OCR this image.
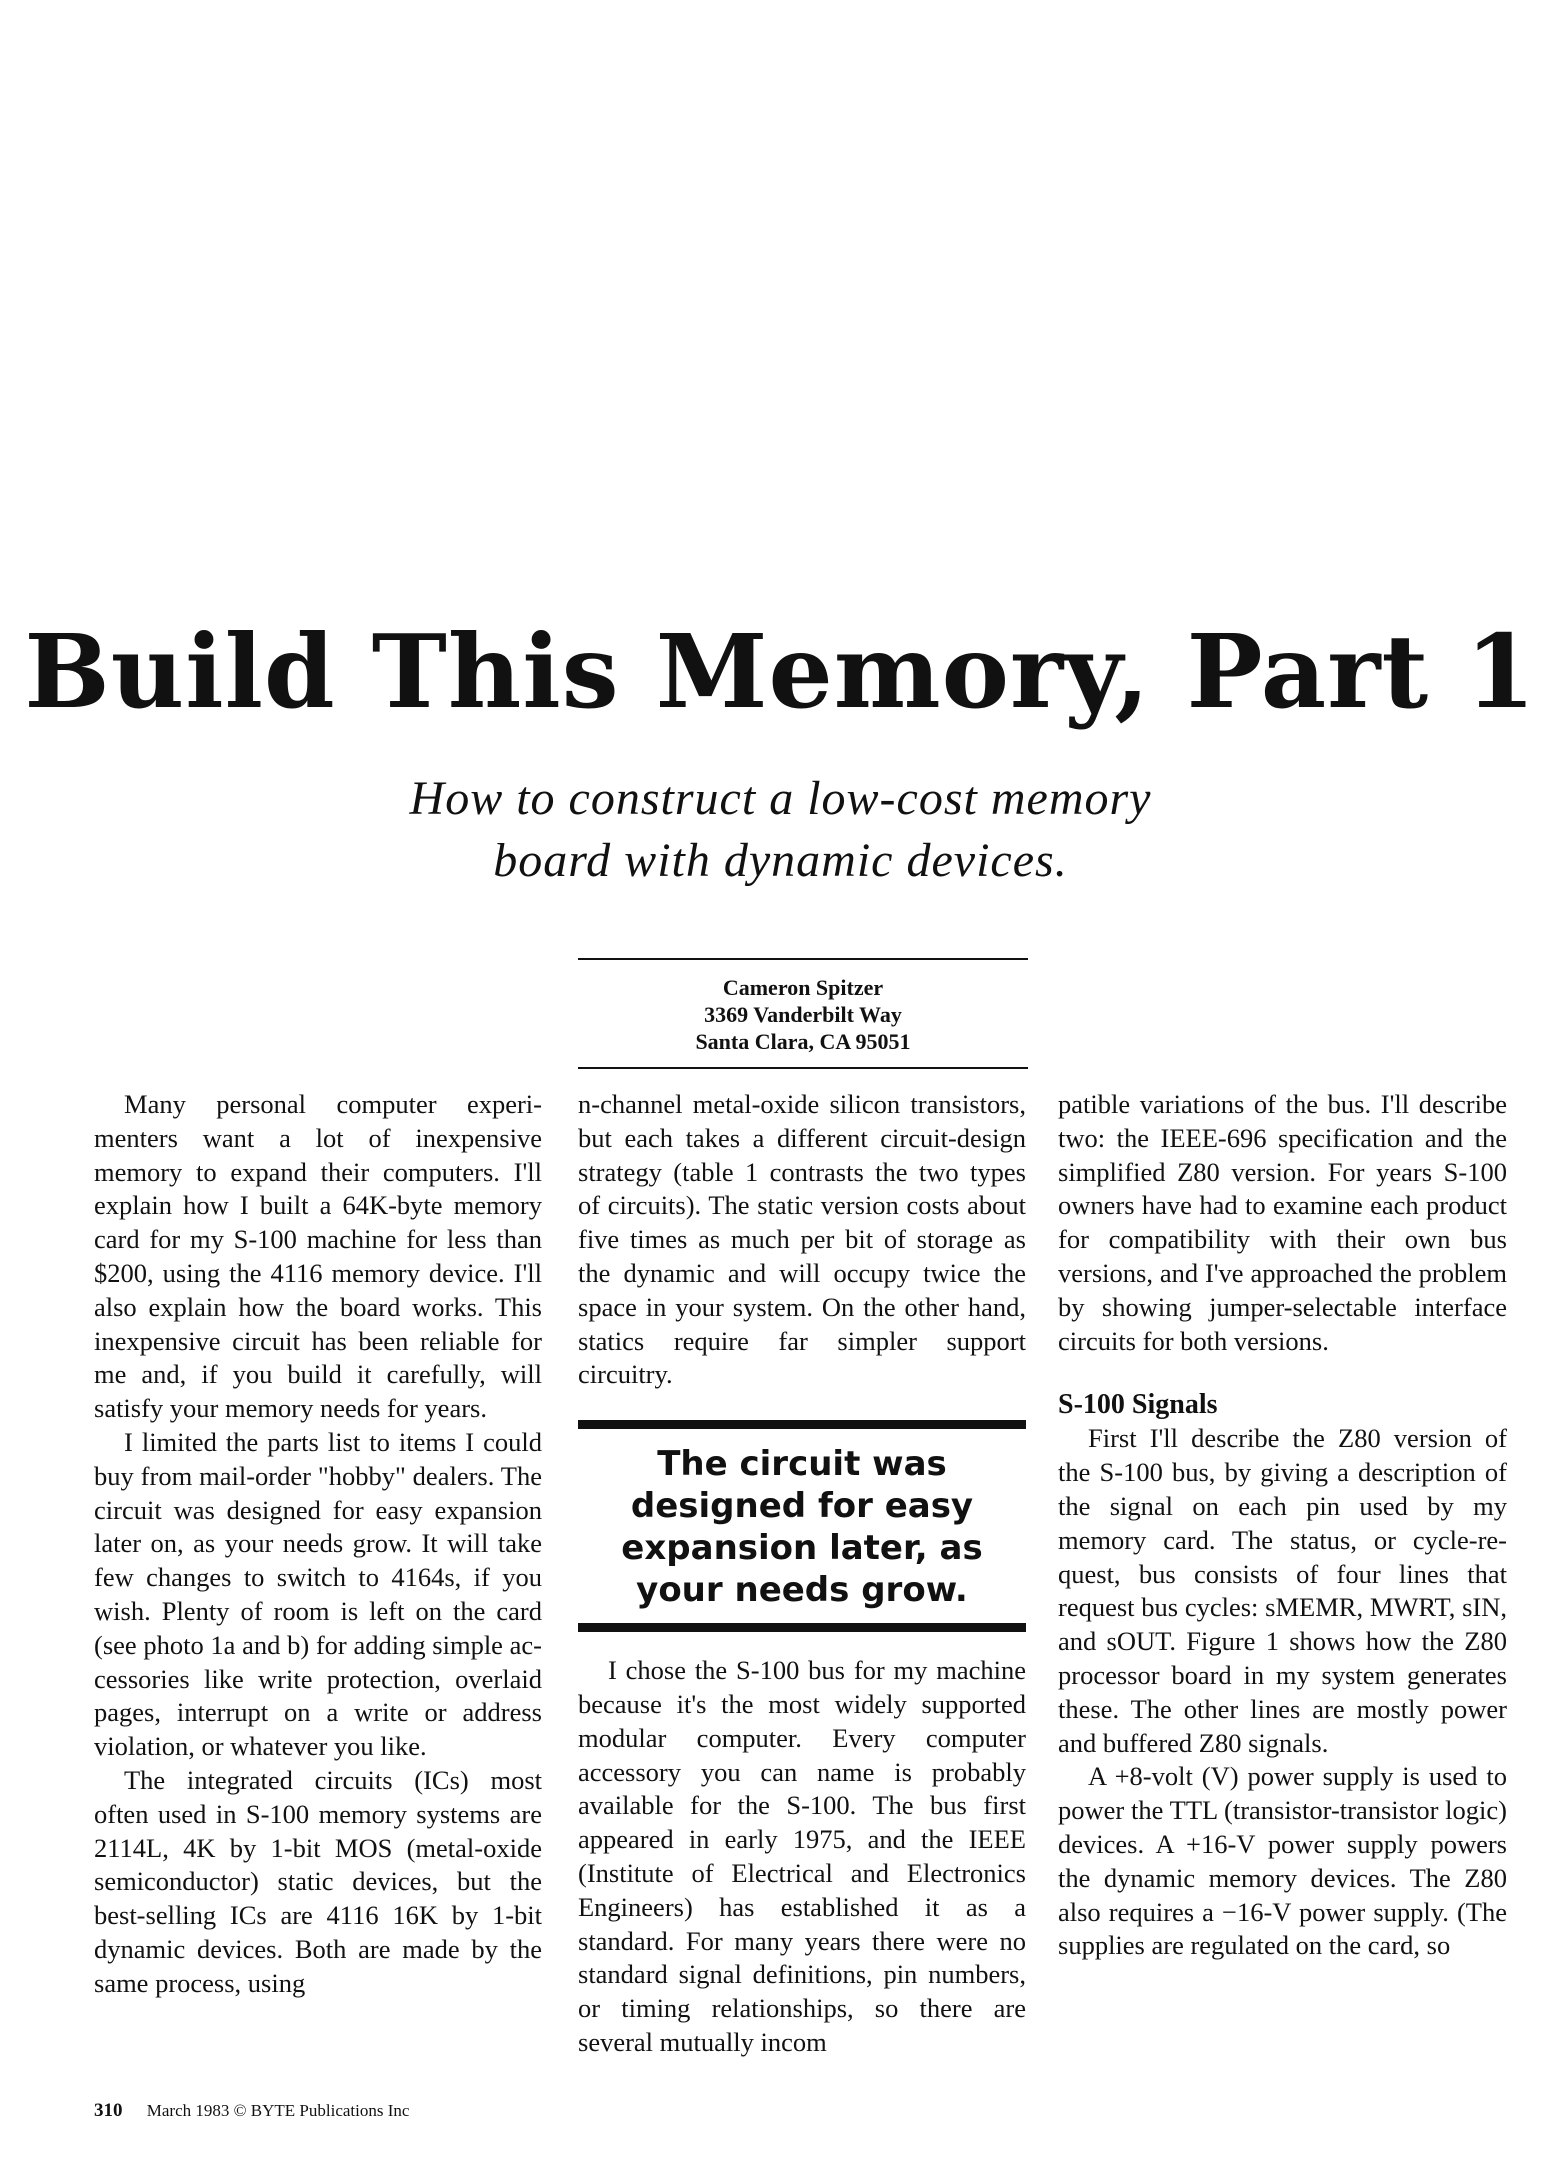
Build This Memory, Part 1
How to construct a low-cost memory
board with dynamic devices.
Cameron Spitzer
3369 Vanderbilt Way
Santa Clara, CA 95051

Many personal computer experimenters want a lot of inexpensive memory to expand their computers. I'll explain how I built a 64K-byte memory card for my S-100 machine for less than $200, using the 4116 memory device. I'll also explain how the board works. This inexpensive circuit has been reliable for me and, if you build it carefully, will satisfy your memory needs for years.

I limited the parts list to items I could buy from mail-order "hobby" dealers. The circuit was designed for easy expansion later on, as your needs grow. It will take few changes to switch to 4164s, if you wish. Plenty of room is left on the card (see photo 1a and b) for adding simple accessories like write protection, overlaid pages, interrupt on a write or address violation, or whatever you like.

The integrated circuits (ICs) most often used in S-100 memory systems are 2114L, 4K by 1-bit MOS (metal-oxide semiconductor) static devices, but the best-selling ICs are 4116 16K by 1-bit dynamic devices. Both are made by the same process, using

n-channel metal-oxide silicon transistors, but each takes a different circuit-design strategy (table 1 contrasts the two types of circuits). The static version costs about five times as much per bit of storage as the dynamic and will occupy twice the space in your system. On the other hand, statics require far simpler support circuitry.

The circuit was designed for easy expansion later, as your needs grow.

I chose the S-100 bus for my machine because it's the most widely supported modular computer. Every computer accessory you can name is probably available for the S-100. The bus first appeared in early 1975, and the IEEE (Institute of Electrical and Electronics Engineers) has established it as a standard. For many years there were no standard signal definitions, pin numbers, or timing relationships, so there are several mutually incom

patible variations of the bus. I'll describe two: the IEEE-696 specification and the simplified Z80 version. For years S-100 owners have had to examine each product for compatibility with their own bus versions, and I've approached the problem by showing jumper-selectable interface circuits for both versions.

S-100 Signals

First I'll describe the Z80 version of the S-100 bus, by giving a description of the signal on each pin used by my memory card. The status, or cycle-request, bus consists of four lines that request bus cycles: sMEMR, MWRT, sIN, and sOUT. Figure 1 shows how the Z80 processor board in my system generates these. The other lines are mostly power and buffered Z80 signals.

A +8-volt (V) power supply is used to power the TTL (transistor-transistor logic) devices. A +16-V power supply powers the dynamic memory devices. The Z80 also requires a −16-V power supply. (The supplies are regulated on the card, so

310 March 1983 © BYTE Publications Inc
